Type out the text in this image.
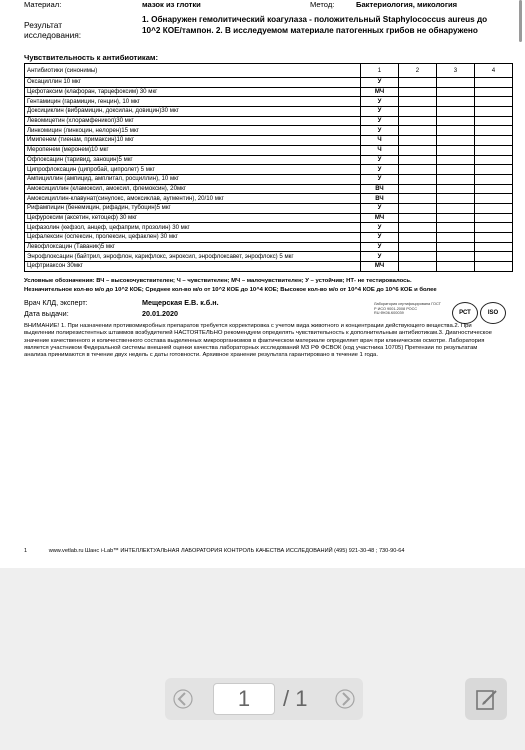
Материал:	мазок из глотки	Метод:	Бактериология, микология
Результат
исследования:
1. Обнаружен гемолитический коагулаза - положительный Staphylococcus aureus до 10^2 КОЕ/тампон. 2. В исследуемом материале патогенных грибов не обнаружено
Чувствительность к антибиотикам:
Антибиотики (синонимы)	1	2	3	4
Оксациллин 10 мкг	У			
Цефотаксим (клафоран, тарцефоксим) 30 мкг	МЧ			
Гентамицин (гарамицин, генцин), 10 мкг	У			
Доксициклин (вибрамицин, доксилан, довицин)30 мкг	У			
Левомицетин (хлорамфеникол)30 мкг	У			
Линкомицин (линкоцин, нелорен)15 мкг	У			
Имипенем (тиенам, примаксин)10 мкг	Ч			
Меропенем (меронем)10 мкг	Ч			
Офлоксацин (таривид, заноцин)5 мкг	У			
Ципрофлоксацин (ципробай, ципролет) 5 мкг	У			
Ампициллин (ампицид, амплитал, росциллин), 10 мкг	У			
Амоксициллин (кламоксил, амоксил, флемоксин), 20мкг	ВЧ			
Амоксициллин-клавунат(синулокс, амоксиклав, аугментин), 20/10 мкг	ВЧ			
Рифампицин (бенемицин, рифадин, тубоцин)5 мкг	У			
Цефуроксим (аксетин, кетоцеф) 30 мкг	МЧ			
Цефазолин (кефзол, анцеф, цефаприм, прозолин) 30 мкг	У			
Цефалексин (оспексин, пролексин, цефаклен) 30 мкг	У			
Левофлоксацин (Таваник)5 мкг	У			
Энрофлоксацин (байтрил, энрофлон, карифлокс, энроксил, энрофлоксавет, энрофлокс) 5 мкг	У			
Цефтриаксон 30мкг	МЧ			
Условные обозначения: ВЧ – высокочувствителен; Ч – чувствителен; МЧ – малочувствителен; У – устойчив; НТ- не тестировалось.
Незначительное кол-во м/о до 10^2 КОЕ; Среднее кол-во м/о от 10^2 КОЕ до 10^4 КОЕ; Высокое кол-во м/о от 10^4 КОЕ до 10^6 КОЕ и более
Врач КЛД, эксперт:	Мещерская Е.В. к.б.н.
Дата выдачи:	20.01.2020
Лаборатория сертифицирована ГОСТ Р ИСО 9001-2008 РОСС RU.ФК06.К00039	РСТ	ISO
ВНИМАНИЕ! 1. При назначении противомикробных препаратов требуется корректировка с учетом вида животного и концентрации действующего вещества.2. При выделении полирезистентных штаммов возбудителей НАСТОЯТЕЛЬНО рекомендуем определять чувствительность к дополнительным антибиотикам.3. Диагностическое значение качественного и количественного состава выделенных микроорганизмов в фактическом материале определяет врач при клиническом осмотре. Лаборатория является участником Федеральной системы внешней оценки качества лабораторных исследований МЗ РФ ФСВОК (код участника 10705) Претензии по результатам анализа принимаются в течение двух недель с даты готовности. Архивное хранение результата гарантировано в течение 1 года.
1	www.vetlab.ru Шанс i-Lab™ ИНТЕЛЛЕКТУАЛЬНАЯ ЛАБОРАТОРИЯ КОНТРОЛЬ КАЧЕСТВА ИССЛЕДОВАНИЙ (495) 921-30-48 ; 730-90-64
1	/ 1
